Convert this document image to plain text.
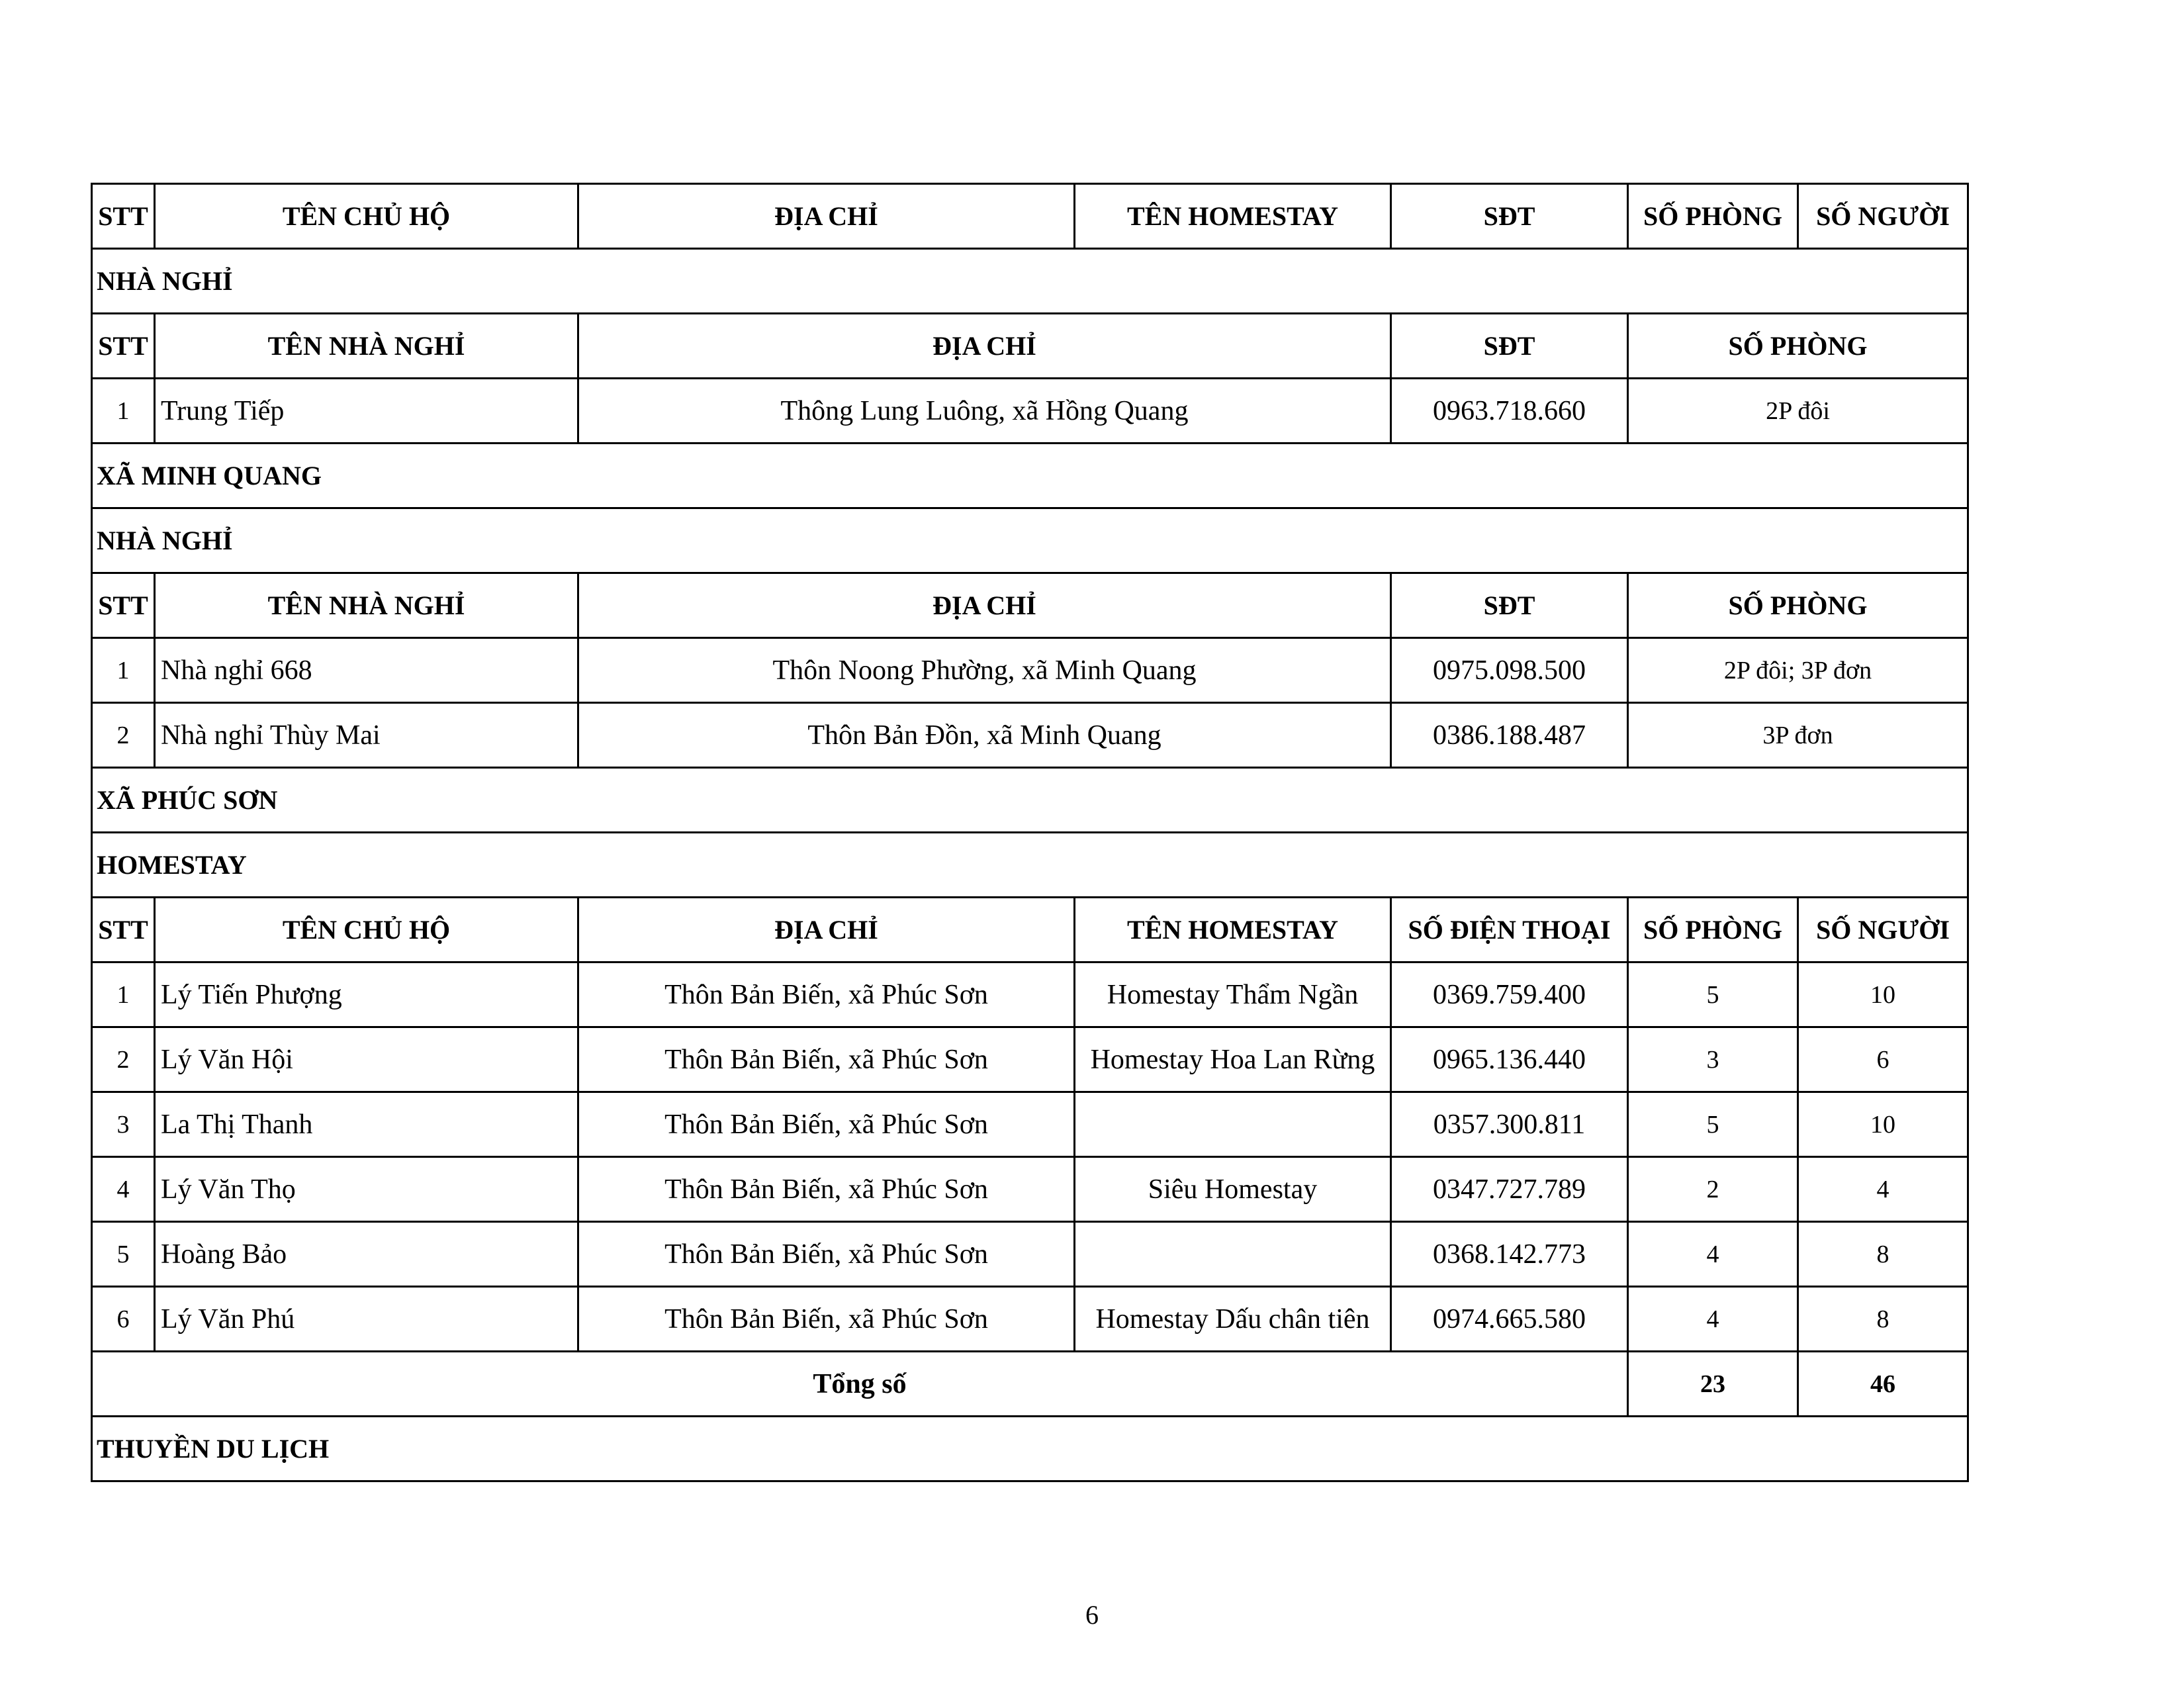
STT	TÊN CHỦ HỘ	ĐỊA CHỈ	TÊN HOMESTAY	SĐT	SỐ PHÒNG	SỐ NGƯỜI
NHÀ NGHỈ						
STT	TÊN NHÀ NGHỈ	ĐỊA CHỈ		SĐT	SỐ PHÒNG	
1	Trung Tiếp	Thông Lung Luông, xã Hồng Quang		0963.718.660	2P đôi	
XÃ MINH QUANG						
NHÀ NGHỈ						
STT	TÊN NHÀ NGHỈ	ĐỊA CHỈ		SĐT	SỐ PHÒNG	
1	Nhà nghỉ 668	Thôn Noong Phường, xã Minh Quang		0975.098.500	2P đôi; 3P đơn	
2	Nhà nghỉ Thùy Mai	Thôn Bản Đồn, xã Minh Quang		0386.188.487	3P đơn	
XÃ PHÚC SƠN						
HOMESTAY						
STT	TÊN CHỦ HỘ	ĐỊA CHỈ	TÊN HOMESTAY	SỐ ĐIỆN THOẠI	SỐ PHÒNG	SỐ NGƯỜI
1	Lý Tiến Phượng	Thôn Bản Biến, xã Phúc Sơn	Homestay Thẩm Ngần	0369.759.400	5	10
2	Lý Văn Hội	Thôn Bản Biến, xã Phúc Sơn	Homestay Hoa Lan Rừng	0965.136.440	3	6
3	La Thị Thanh	Thôn Bản Biến, xã Phúc Sơn		0357.300.811	5	10
4	Lý Văn Thọ	Thôn Bản Biến, xã Phúc Sơn	Siêu Homestay	0347.727.789	2	4
5	Hoàng Bảo	Thôn Bản Biến, xã Phúc Sơn		0368.142.773	4	8
6	Lý Văn Phú	Thôn Bản Biến, xã Phúc Sơn	Homestay Dấu chân tiên	0974.665.580	4	8
Tổng số					23	46
THUYỀN DU LỊCH						
6
